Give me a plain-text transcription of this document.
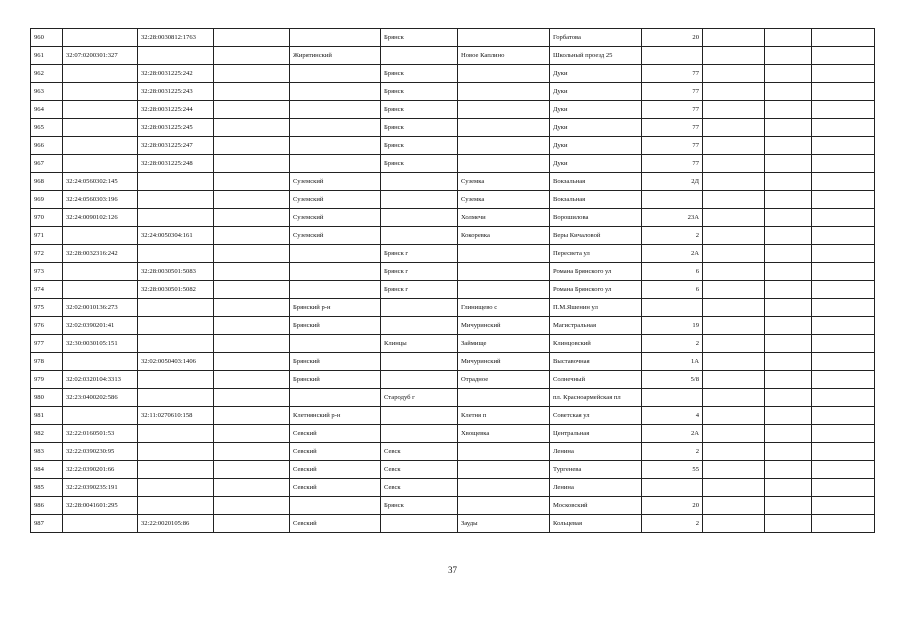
960		32:28:0030812:1763			Брянск		Горбатова	20			
961	32:07:0200301:327			Жирятинский		Новое Каплино	Школьный проезд 25				
962		32:28:0031225:242			Брянск		Дуки	77			
963		32:28:0031225:243			Брянск		Дуки	77			
964		32:28:0031225:244			Брянск		Дуки	77			
965		32:28:0031225:245			Брянск		Дуки	77			
966		32:28:0031225:247			Брянск		Дуки	77			
967		32:28:0031225:248			Брянск		Дуки	77			
968	32:24:0560302:145			Суземский		Суземка	Вокзальная	2Д			
969	32:24:0560303:196			Суземский		Суземка	Вокзальная				
970	32:24:0090102:126			Суземский		Холмечи	Ворошилова	23А			
971		32:24:0050304:161		Суземский		Кокоревка	Веры Кичаловой	2			
972	32:28:0032316:242				Брянск г		Пересвета ул	2А			
973		32:28:0030501:5083			Брянск г		Романа Брянского ул	6			
974		32:28:0030501:5082			Брянск г		Романа Брянского ул	6			
975	32:02:0010136:273			Брянский р-н		Глинищево с	П.М.Яшенин ул				
976	32:02:0390201:41			Брянский		Мичуринский	Магистральная	19			
977	32:30:0030105:151				Клинцы	Займище	Клинцовский	2			
978		32:02:0050403:1406		Брянский		Мичуринский	Выставочная	1А			
979	32:02:0320104:3313			Брянский		Отрадное	Солнечный	5/8			
980	32:23:0400202:586				Стародуб г		пл. Красноармейская пл				
981		32:11:0270610:158		Клетнянский р-н		Клетня п	Советская ул	4			
982	32:22:0160501:53			Севский		Хвощевка	Центральная	2А			
983	32:22:0390230:95			Севский	Севск		Ленина	2			
984	32:22:0390201:66			Севский	Севск		Тургенева	55			
985	32:22:0390235:191			Севский	Севск		Ленина				
986	32:28:0041601:295				Брянск		Московский	20			
987		32:22:0020105:86		Севский		Зауды	Кольцевая	2			
37
